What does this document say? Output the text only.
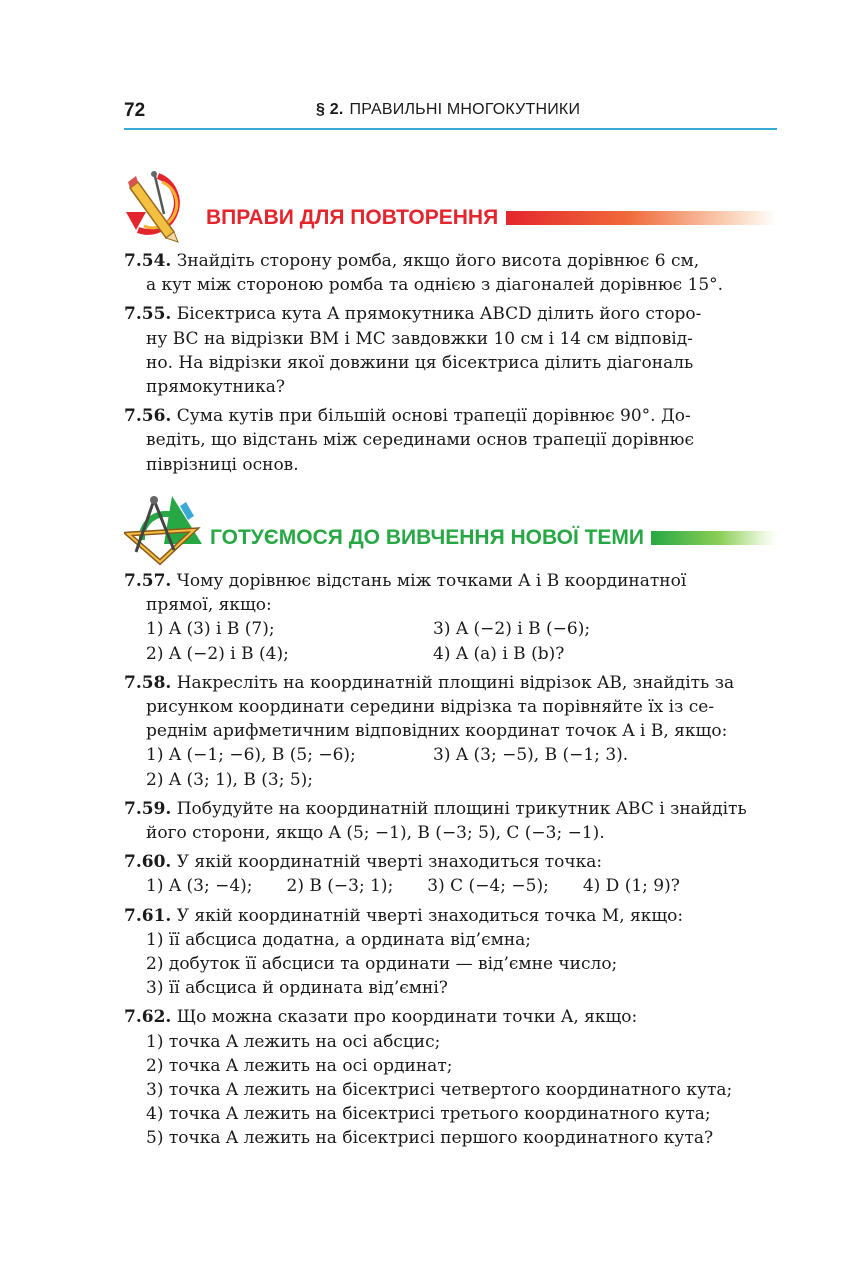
72	§ 2. ПРАВИЛЬНІ МНОГОКУТНИКИ
ВПРАВИ ДЛЯ ПОВТОРЕННЯ
7.54. Знайдіть сторону ромба, якщо його висота дорівнює 6 см,
а кут між стороною ромба та однією з діагоналей дорівнює 15°.
7.55. Бісектриса кута A прямокутника ABCD ділить його сторо-
ну BC на відрізки BM і MC завдовжки 10 см і 14 см відповід-
но. На відрізки якої довжини ця бісектриса ділить діагональ
прямокутника?
7.56. Сума кутів при більшій основі трапеції дорівнює 90°. До-
ведіть, що відстань між серединами основ трапеції дорівнює
піврізниці основ.
ГОТУЄМОСЯ ДО ВИВЧЕННЯ НОВОЇ ТЕМИ
7.57. Чому дорівнює відстань між точками A і B координатної
прямої, якщо:
1) A (3) і B (7);	3) A (−2) і B (−6);
2) A (−2) і B (4);	4) A (a) і B (b)?
7.58. Накресліть на координатній площині відрізок AB, знайдіть за
рисунком координати середини відрізка та порівняйте їх із се-
реднім арифметичним відповідних координат точок A і B, якщо:
1) A (−1; −6), B (5; −6);	3) A (3; −5), B (−1; 3).
2) A (3; 1), B (3; 5);
7.59. Побудуйте на координатній площині трикутник ABC і знайдіть
його сторони, якщо A (5; −1), B (−3; 5), C (−3; −1).
7.60. У якій координатній чверті знаходиться точка:
1) A (3; −4); 2) B (−3; 1); 3) C (−4; −5); 4) D (1; 9)?
7.61. У якій координатній чверті знаходиться точка M, якщо:
1) її абсциса додатна, а ордината від’ємна;
2) добуток її абсциси та ординати — від’ємне число;
3) її абсциса й ордината від’ємні?
7.62. Що можна сказати про координати точки A, якщо:
1) точка A лежить на осі абсцис;
2) точка A лежить на осі ординат;
3) точка A лежить на бісектрисі четвертого координатного кута;
4) точка A лежить на бісектрисі третього координатного кута;
5) точка A лежить на бісектрисі першого координатного кута?
